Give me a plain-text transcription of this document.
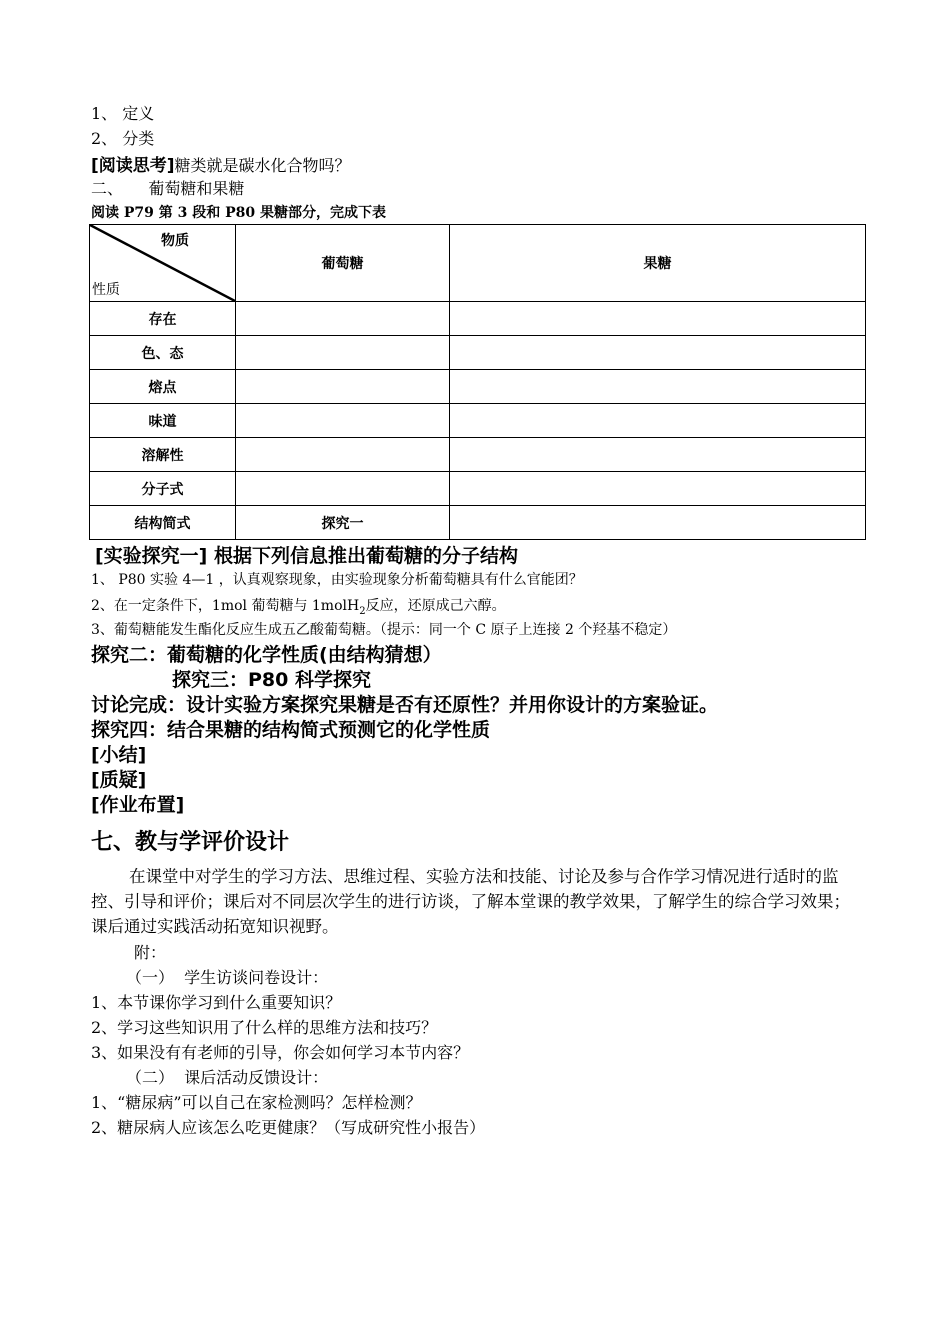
1、 定义
2、 分类
[阅读思考]糖类就是碳水化合物吗？
二、     葡萄糖和果糖
阅读 P79 第 3 段和 P80 果糖部分，完成下表
物质
性质	葡萄糖	果糖
存在		
色、态		
熔点		
味道		
溶解性		
分子式		
结构简式	探究一	
[实验探究一] 根据下列信息推出葡萄糖的分子结构
1、 P80 实验 4—1 ，认真观察现象，由实验现象分析葡萄糖具有什么官能团？
2、在一定条件下，1mol 葡萄糖与 1molH$_2$反应，还原成己六醇。
3、葡萄糖能发生酯化反应生成五乙酸葡萄糖。（提示：同一个 C 原子上连接 2 个羟基不稳定）
探究二：葡萄糖的化学性质(由结构猜想）
探究三：P80 科学探究
讨论完成：设计实验方案探究果糖是否有还原性？并用你设计的方案验证。
探究四：结合果糖的结构简式预测它的化学性质
[小结]
[质疑]
[作业布置]
七、教与学评价设计
在课堂中对学生的学习方法、思维过程、实验方法和技能、讨论及参与合作学习情况进行适时的监控、引导和评价；课后对不同层次学生的进行访谈，了解本堂课的教学效果，了解学生的综合学习效果；课后通过实践活动拓宽知识视野。
附：
（一）  学生访谈问卷设计：
1、本节课你学习到什么重要知识？
2、学习这些知识用了什么样的思维方法和技巧？
3、如果没有有老师的引导，你会如何学习本节内容？
（二）  课后活动反馈设计：
1、“糖尿病”可以自己在家检测吗？怎样检测？
2、糖尿病人应该怎么吃更健康？（写成研究性小报告）
